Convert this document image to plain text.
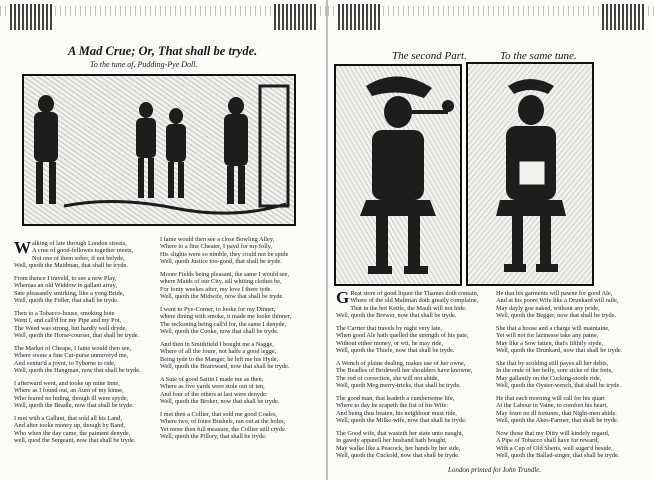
A Mad Crue; Or, That shall be tryde.
To the tune of, Pudding-Pye Doll.
W alking of late through London streets,
A crue of good-fellowes together meets,
Not one of them sober, if not belyde,
Well, quoth the Maidman, that shall be tryde.
From thence I traveld, to see a new Play,
Whereas an old Widdow in gallant array,
Sate pleasantly smirking, like a yong Bride,
Well, quoth the Fidler, that shall be tryde.
Then to a Tobacco-house, smoking bote
Went I, and call'd for my Pipe and my Pot,
The Weed was strong, but hardly well dryde,
Well, quoth the Horse-courser, that shall be tryde.
The Market of Cheape, I fame would then see,
Where soone a fine Cut-purse unmoveyd me,
And ventur'd a joynt, to Tyborne to ride,
Well, quoth the Hangman, now that shall be tryde.
I afterward went, and tooke up mine Inne,
Where as I found out, an Aunt of my kinne,
Who feared no hiding, though ill were spyde,
Well, quoth the Beadle, now that shall be tryde.
I met with a Gallant, that sold all his Land,
And after tooke money up, though by Band,
Who when the day came, the paiment denyde,
well, quod the Sergeant, now that shall be tryde.
I fame would then see a close Bowling Alley,
Where to a fine Cheater, I payd for my folly,
His slights were so nimble, they could not be spide
Well, quoth Justice too-good, that shall be tryde.
Moore Fields being pleasant, the same I would see,
where Maids of our City, sill whiting clothes be,
For fonty weekes after, my love I there tyde.
Well, quoth the Midwife, now that shall be tryde.
I went to Pye-Corner, to looke for my Dinner,
where dining with smoke, it made me looke thinner,
The reckoning being call'd for, the same I denyde,
Well, quoth the Cooke, now that shall be tryde.
And then in Smithfield I bought me a Nagge,
Where of all the foure, not halfe a good legge,
Being tyde to the Manger, he left me his Hyde,
Well, quoth the Beareward, now that shall be tryde.
A Sute of good Sattin I made me as then,
Where as five yards were stole out of ten,
And four of the others at last were denyde:
Well, quoth the Broker, now that shall be tryde.
I met then a Collier, that sold me good Coales,
Where two, of foure Bushels, ran out at the holes,
Yet more then full measure, the Collier still cryde.
Well, quoth the Pillory, that shall be tryde.
The second Part.	To the same tune.
G Reat store of good liquor the Thames doth contain,
Where of the old Maltman doth greatly complaine,
That in the hot Kettle, the Mault will not hide.
Well, quoth the Brewer, now that shall be tryde.
The Carrier that travels by night very late,
When good Ale hath quelled the strength of his pate,
Without either money, or wit, he may ride,
Well, quoth the Thiefe, now that shall be tryde.
A Wench of plaine dealing, makes use of her owne,
The Beadles of Bridewell her shoulders have knowne,
The rod of correction, she will not abide,
Well, quoth Meg merry-tricks, that shall be tryde.
The good man, that leadeth a cumbersome life,
Where to day he scapeth the fist of his Wife:
And being thus beaten, his neighbour must ride,
Well, quoth the Milke-wife, now that shall be tryde.
The Good wife, that wasteth her state unto naught,
In gawdy apparell her husband hath bought,
May walke like a Peacock, her hands by her side,
Well, quoth the Cuckold, now that shall be tryde.
He that his garments will pawne for good Ale,
And at his poore Wife like a Drunkard will raile,
May dayly goe naked, without any pride,
Well, quoth the Begger, now that shall be tryde.
She that a house and a charge will maintaine,
Yet will not for lazinesse take any paine,
May like a Sow fatten, that's filthily styde,
Well, quoth the Drunkard, now that shall be tryde.
She that by scolding still payes all her debts,
In the ende of her belly, sore sicke of the frets,
May gallantly on the Cucking-stoole ride,
Well, quoth the Oyster-wench, that shall be tryde.
He that each morning will call for his quart
At the Labour in Vaine, to comfort his heart,
May feare no ill fortunes, that Night-men abide.
Well, quoth the Akes-Farmer, that shall be tryde.
Now those that my Ditty will kindely regard,
A Pipe of Tobacco shall have for reward,
With a Cup of Old Sheris, well suger'd beside,
Well, quoth the Ballad-singer, that shall be tryde.
London printed for Iohn Trundle.
